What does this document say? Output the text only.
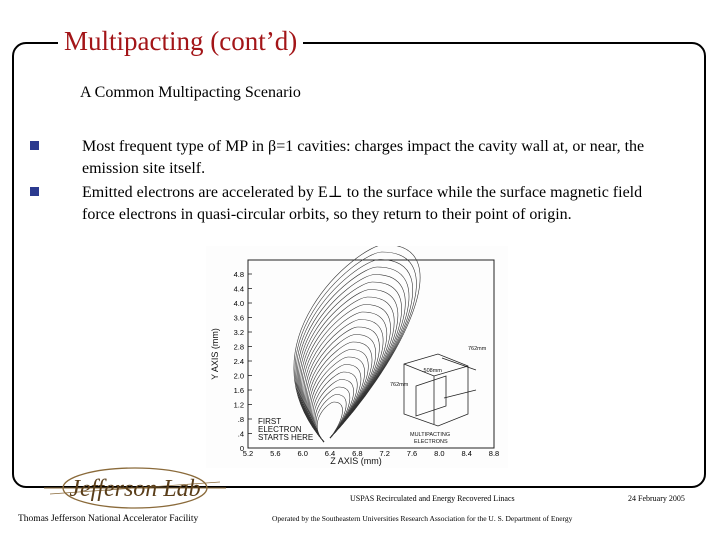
Multipacting (cont’d)
A Common Multipacting Scenario
Most frequent type of MP in β=1 cavities: charges impact the cavity wall at, or near, the emission site itself.
Emitted electrons are accelerated by E⊥ to the surface while the surface magnetic field force electrons in quasi-circular orbits, so they return to their point of origin.
Y AXIS (mm)
Z AXIS (mm)
4.8
4.4
4.0
3.6
3.2
2.8
2.4
2.0
1.6
1.2
.8
.4
0
5.2 5.6 6.0 6.4 6.8 7.2 7.6 8.0 8.4 8.8
762mm
.508mm
762mm
FIRST
ELECTRON
STARTS HERE	MULTIPACTING
ELECTRONS
Jefferson Lab
Thomas Jefferson National Accelerator Facility
USPAS Recirculated and Energy Recovered Linacs
Operated by the Southeastern Universities Research Association for the U. S. Department of Energy
24 February 2005
